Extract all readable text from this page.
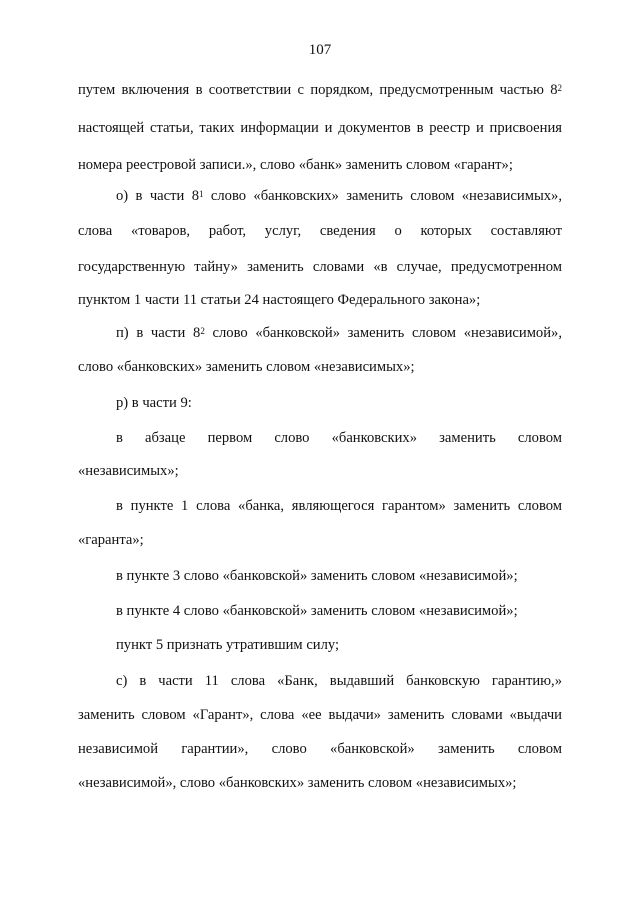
107
путем включения в соответствии с порядком, предусмотренным частью $8^2$
настоящей статьи, таких информации и документов в реестр и присвоения
номера реестровой записи.», слово «банк» заменить словом «гарант»;
о) в части $8^1$ слово «банковских» заменить словом «независимых»,
слова «товаров, работ, услуг, сведения о которых составляют
государственную тайну» заменить словами «в случае, предусмотренном
пунктом 1 части 11 статьи 24 настоящего Федерального закона»;
п) в части $8^2$ слово «банковской» заменить словом «независимой»,
слово «банковских» заменить словом «независимых»;
р) в части 9:
в абзаце первом слово «банковских» заменить словом
«независимых»;
в пункте 1 слова «банка, являющегося гарантом» заменить словом
«гаранта»;
в пункте 3 слово «банковской» заменить словом «независимой»;
в пункте 4 слово «банковской» заменить словом «независимой»;
пункт 5 признать утратившим силу;
с) в части 11 слова «Банк, выдавший банковскую гарантию,»
заменить словом «Гарант», слова «ее выдачи» заменить словами «выдачи
независимой гарантии», слово «банковской» заменить словом
«независимой», слово «банковских» заменить словом «независимых»;
